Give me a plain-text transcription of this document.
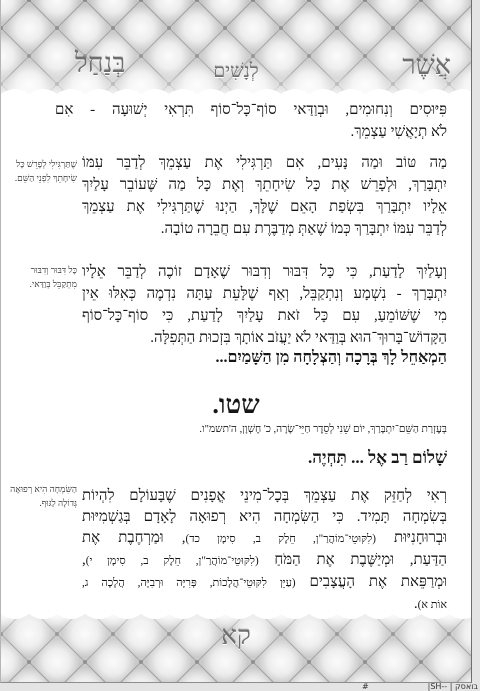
אֲשֶׁר
לְנָשִׁים
בְּנַחַל
פִּיּוּסִים וְנִחוּמִים, וּבְוַדַּאי סוֹף־כָּל־סוֹף תִּרְאִי יְשׁוּעָה - אִם
לֹא תְיָאֲשִׁי עַצְמֵךְ.
מַה טּוֹב וּמַה נָּעִים, אִם תַּרְגִּילִי אֶת עַצְמֵךְ לְדַבֵּר עִמּוֹ
יִתְבָּרַךְ, וּלְפָרֵשׁ אֶת כָּל שִׂיחָתֵךְ וְאֶת כָּל מַה שֶּׁעוֹבֵר עָלַיִךְ
אֵלָיו יִתְבָּרַךְ בִּשְׂפַת הָאֵם שֶׁלָּךְ, הַיְנוּ שֶׁתַּרְגִּילִי אֶת עַצְמֵךְ
לְדַבֵּר עִמּוֹ יִתְבָּרַךְ כְּמוֹ שֶׁאַתְּ מְדַבֶּרֶת עִם חֲבֵרָה טוֹבָה.
שֶׁתַּרְגִּילִי לְפָרֵשׁ כָּל שִׂיחָתֵךְ לִפְנֵי הַשֵּׁם.
וְעָלַיִךְ לָדַעַת, כִּי כָּל דִּבּוּר וְדִבּוּר שֶׁאָדָם זוֹכֶה לְדַבֵּר אֵלָיו
יִתְבָּרַךְ - נִשְׁמָע וְנִתְקַבֵּל, וְאַף שֶׁלָּעֵת עַתָּה נִדְמֶה כְּאִלּוּ אֵין
מִי שֶׁשּׁוֹמֵעַ, עִם כָּל זֹאת עָלַיִךְ לָדַעַת, כִּי סוֹף־כָּל־סוֹף
הַקָּדוֹשׁ־בָּרוּךְ־הוּא בְּוַדַּאי לֹא יַעֲזֹב אוֹתָךְ בִּזְכוּת הַתְּפִלָּה.
כָּל דִּבּוּר וְדִבּוּר מִתְקַבֵּל בְּוַדַּאי.
הַמְאַחֵל לָךְ בְּרָכָה וְהַצְלָחָה מִן הַשָּׁמַיִם...
שטו.
בְּעֶזְרַת הַשֵּׁם־יִתְבָּרַךְ, יוֹם שֵׁנִי לְסֵדֶר חַיֵּי־שָׂרָה, כ' חֶשְׁוָן, ה'תשמ"ו.
שָׁלוֹם רַב אֶל ... תִּחְיֶה.
רְאִי לְחַזֵּק אֶת עַצְמֵךְ בְּכָל־מִינֵי אֳפָנִים שֶׁבָּעוֹלָם לִהְיוֹת
בְּשִׂמְחָה תָּמִיד. כִּי הַשִּׂמְחָה הִיא רְפוּאָה לָאָדָם בְּגַשְׁמִיּוּת
וּבְרוּחָנִיּוּת (לִקּוּטֵי־מוֹהֲרַ"ן, חֵלֶק ב, סִימָן כד), וּמַרְחֶבֶת אֶת
הַדַּעַת, וּמְיַשֶּׁבֶת אֶת הַמֹּחַ (לִקּוּטֵי־מוֹהֲרַ"ן, חֵלֶק ב, סִימָן י),
וּמְרַפֵּאת אֶת הָעֲצָבִים (עַיֵּן לִקּוּטֵי־הֲלָכוֹת, פְּרִיָּה וּרְבִיָּה, הֲלָכָה ג,
אוֹת א).
הַשִּׂמְחָה הִיא רְפוּאָה גְּדוֹלָה לַגּוּף.
קא
#	בואסק | --SH|
